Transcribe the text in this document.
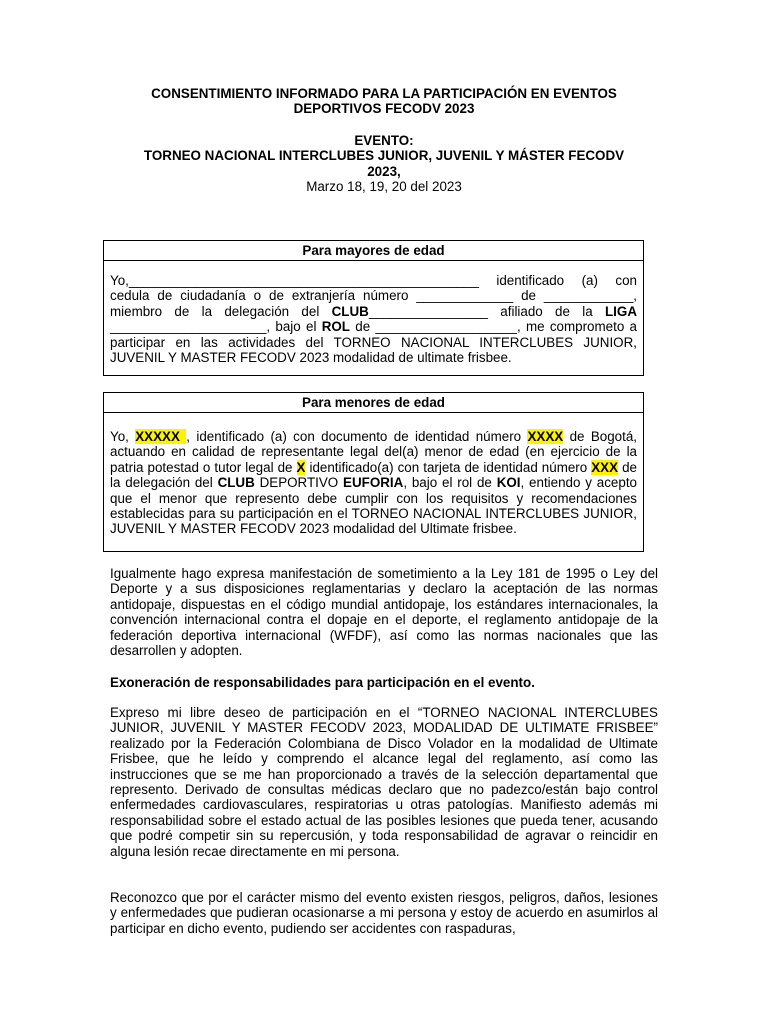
CONSENTIMIENTO INFORMADO PARA LA PARTICIPACIÓN EN EVENTOS
DEPORTIVOS FECODV 2023
EVENTO:
TORNEO NACIONAL INTERCLUBES JUNIOR, JUVENIL Y MÁSTER FECODV
2023,
Marzo 18, 19, 20 del 2023
Para mayores de edad
Yo,_______________________________________________ identificado (a) con cedula de ciudadanía o de extranjería número _____________ de ____________, miembro de la delegación del CLUB________________ afiliado de la LIGA _____________________, bajo el ROL de ___________________, me comprometo a participar en las actividades del TORNEO NACIONAL INTERCLUBES JUNIOR, JUVENIL Y MASTER FECODV 2023 modalidad de ultimate frisbee.
Para menores de edad
Yo, XXXXX , identificado (a) con documento de identidad número XXXX de Bogotá, actuando en calidad de representante legal del(a) menor de edad (en ejercicio de la patria potestad o tutor legal de X identificado(a) con tarjeta de identidad número XXX de la delegación del CLUB DEPORTIVO EUFORIA, bajo el rol de KOI, entiendo y acepto que el menor que represento debe cumplir con los requisitos y recomendaciones establecidas para su participación en el TORNEO NACIONAL INTERCLUBES JUNIOR, JUVENIL Y MASTER FECODV 2023 modalidad del Ultimate frisbee.
Igualmente hago expresa manifestación de sometimiento a la Ley 181 de 1995 o Ley del Deporte y a sus disposiciones reglamentarias y declaro la aceptación de las normas antidopaje, dispuestas en el código mundial antidopaje, los estándares internacionales, la convención internacional contra el dopaje en el deporte, el reglamento antidopaje de la federación deportiva internacional (WFDF), así como las normas nacionales que las desarrollen y adopten.
Exoneración de responsabilidades para participación en el evento.
Expreso mi libre deseo de participación en el “TORNEO NACIONAL INTERCLUBES JUNIOR, JUVENIL Y MASTER FECODV 2023, MODALIDAD DE ULTIMATE FRISBEE” realizado por la Federación Colombiana de Disco Volador en la modalidad de Ultimate Frisbee, que he leído y comprendo el alcance legal del reglamento, así como las instrucciones que se me han proporcionado a través de la selección departamental que represento. Derivado de consultas médicas declaro que no padezco/están bajo control enfermedades cardiovasculares, respiratorias u otras patologías. Manifiesto además mi responsabilidad sobre el estado actual de las posibles lesiones que pueda tener, acusando que podré competir sin su repercusión, y toda responsabilidad de agravar o reincidir en alguna lesión recae directamente en mi persona.
Reconozco que por el carácter mismo del evento existen riesgos, peligros, daños, lesiones y enfermedades que pudieran ocasionarse a mi persona y estoy de acuerdo en asumirlos al participar en dicho evento, pudiendo ser accidentes con raspaduras,
